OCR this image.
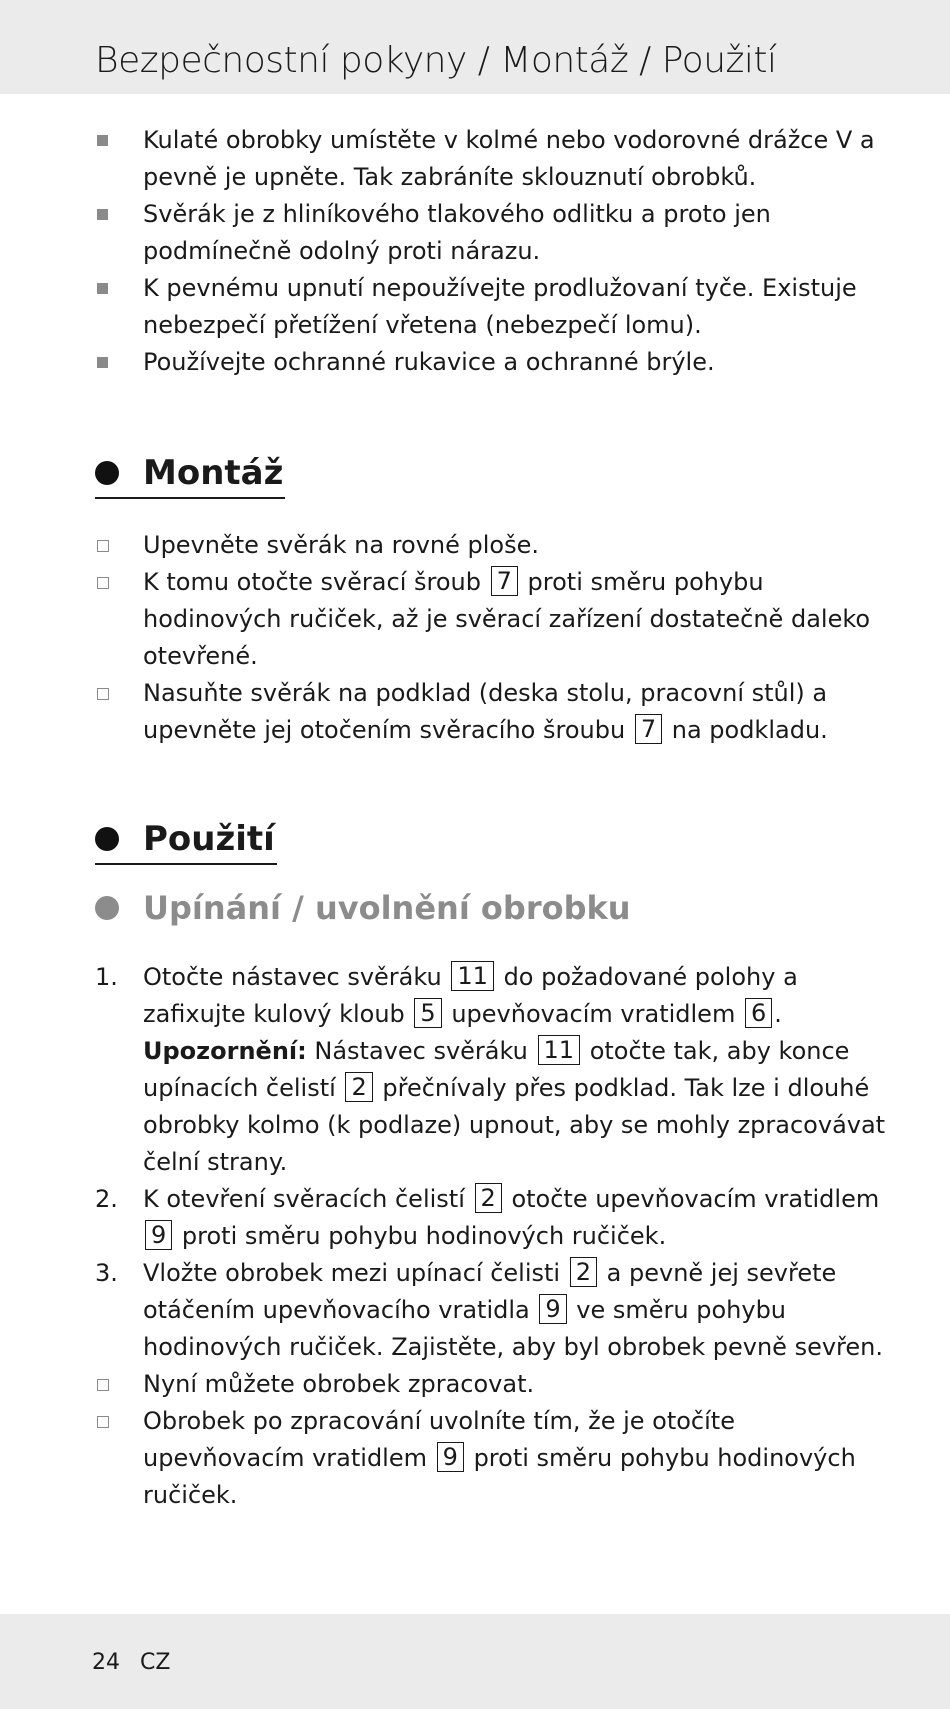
Bezpečnostní pokyny / Montáž / Použití
Kulaté obrobky umístěte v kolmé nebo vodorovné drážce V a pevně je upněte. Tak zabráníte sklouznutí obrobků.
Svěrák je z hliníkového tlakového odlitku a proto jen podmínečně odolný proti nárazu.
K pevnému upnutí nepoužívejte prodlužovaní tyče. Existuje nebezpečí přetížení vřetena (nebezpečí lomu).
Používejte ochranné rukavice a ochranné brýle.
Montáž
Upevněte svěrák na rovné ploše.
K tomu otočte svěrací šroub 7 proti směru pohybu hodinových ručiček, až je svěrací zařízení dostatečně daleko otevřené.
Nasuňte svěrák na podklad (deska stolu, pracovní stůl) a upevněte jej otočením svěracího šroubu 7 na podkladu.
Použití
Upínání / uvolnění obrobku
1. Otočte nástavec svěráku 11 do požadované polohy a zafixujte kulový kloub 5 upevňovacím vratidlem 6 .
Upozornění: Nástavec svěráku 11 otočte tak, aby konce upínacích čelistí 2 přečnívaly přes podklad. Tak lze i dlouhé obrobky kolmo (k podlaze) upnout, aby se mohly zpracovávat čelní strany.
2. K otevření svěracích čelistí 2 otočte upevňovacím vratidlem 9 proti směru pohybu hodinových ručiček.
3. Vložte obrobek mezi upínací čelisti 2 a pevně jej sevřete otáčením upevňovacího vratidla 9 ve směru pohybu hodinových ručiček. Zajistěte, aby byl obrobek pevně sevřen.
Nyní můžete obrobek zpracovat.
Obrobek po zpracování uvolníte tím, že je otočíte upevňovacím vratidlem 9 proti směru pohybu hodinových ručiček.
24 CZ
